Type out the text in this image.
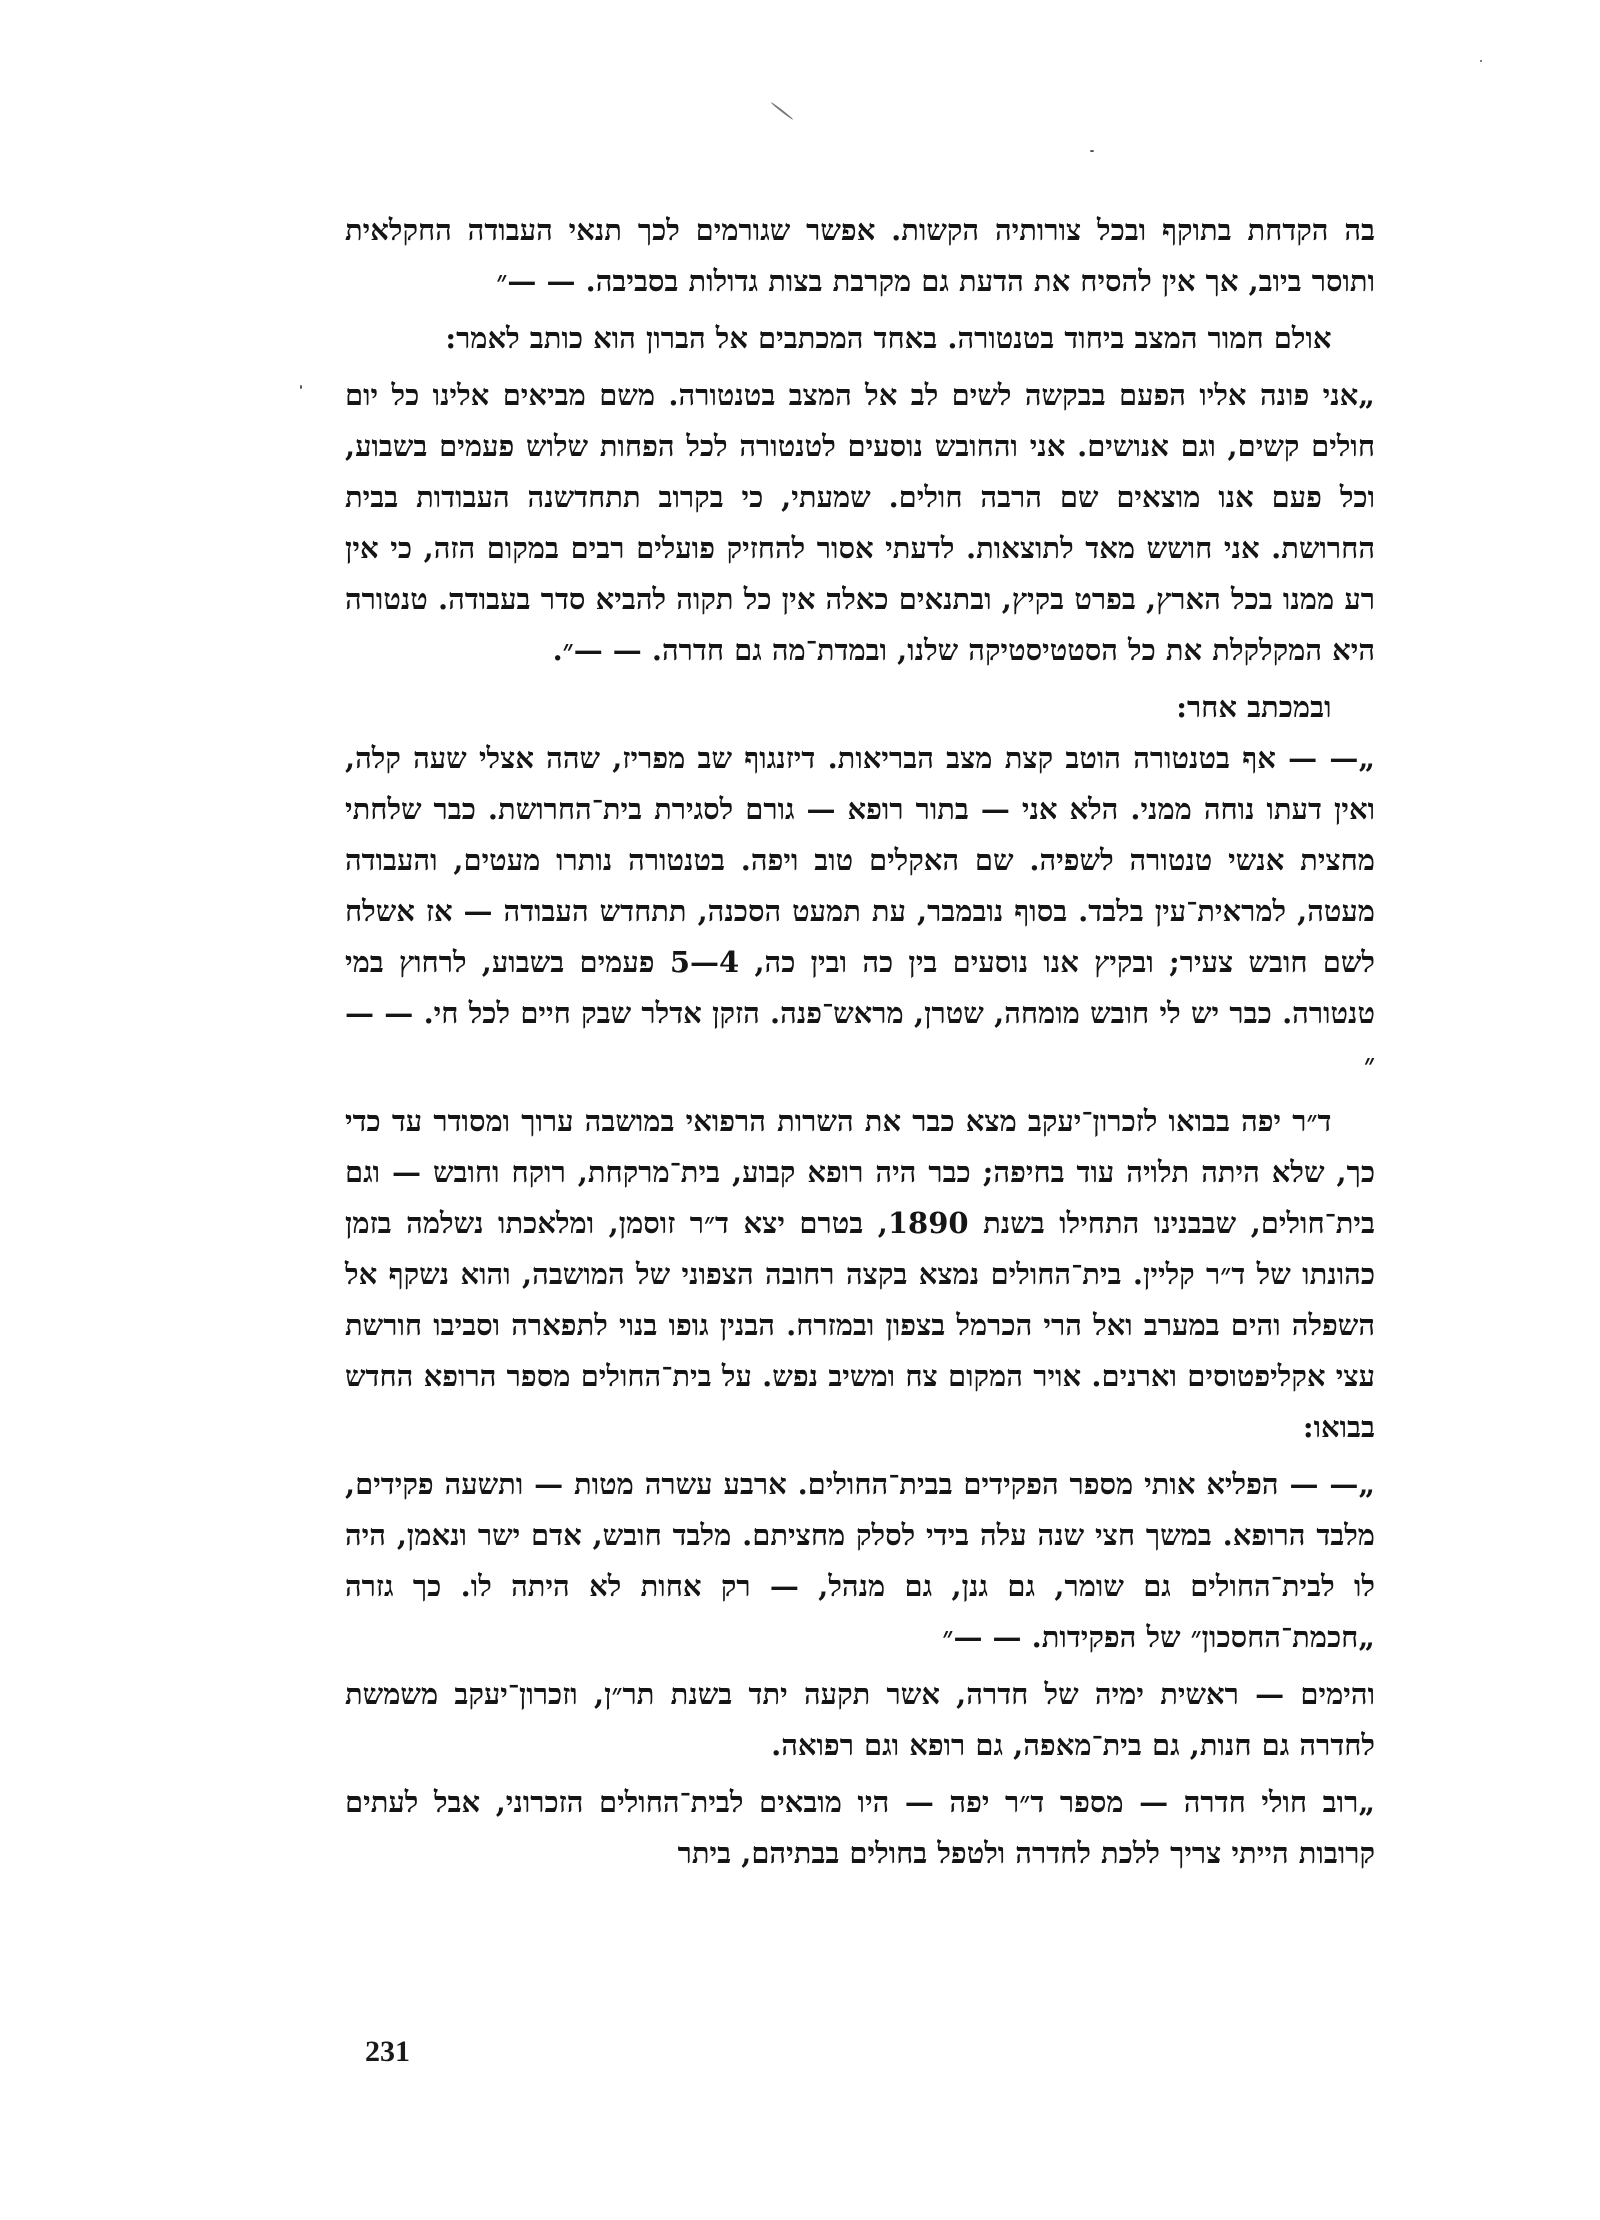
בה הקדחת בתוקף ובכל צורותיה הקשות. אפשר שגורמים לכך תנאי העבודה החקלאית ותוסר ביוב, אך אין להסיח את הדעת גם מקרבת בצות גדולות בסביבה. — —״

אולם חמור המצב ביחוד בטנטורה. באחד המכתבים אל הברון הוא כותב לאמר:

„אני פונה אליו הפעם בבקשה לשים לב אל המצב בטנטורה. משם מביאים אלינו כל יום חולים קשים, וגם אנושים. אני והחובש נוסעים לטנטורה לכל הפחות שלוש פעמים בשבוע, וכל פעם אנו מוצאים שם הרבה חולים. שמעתי, כי בקרוב תתחדשנה העבודות בבית החרושת. אני חושש מאד לתוצאות. לדעתי אסור להחזיק פועלים רבים במקום הזה, כי אין רע ממנו בכל הארץ, בפרט בקיץ, ובתנאים כאלה אין כל תקוה להביא סדר בעבודה. טנטורה היא המקלקלת את כל הסטטיסטיקה שלנו, ובמדת־מה גם חדרה. — —״.

ובמכתב אחר:

„— — אף בטנטורה הוטב קצת מצב הבריאות. דיזנגוף שב מפריז, שהה אצלי שעה קלה, ואין דעתו נוחה ממני. הלא אני — בתור רופא — גורם לסגירת בית־החרושת. כבר שלחתי מחצית אנשי טנטורה לשפיה. שם האקלים טוב ויפה. בטנטורה נותרו מעטים, והעבודה מעטה, למראית־עין בלבד. בסוף נובמבר, עת תמעט הסכנה, תתחדש העבודה — אז אשלח לשם חובש צעיר; ובקיץ אנו נוסעים בין כה ובין כה, 4—5 פעמים בשבוע, לרחוץ במי טנטורה. כבר יש לי חובש מומחה, שטרן, מראש־פנה. הזקן אדלר שבק חיים לכל חי. — —״

ד״ר יפה בבואו לזכרון־יעקב מצא כבר את השרות הרפואי במושבה ערוך ומסודר עד כדי כך, שלא היתה תלויה עוד בחיפה; כבר היה רופא קבוע, בית־מרקחת, רוקח וחובש — וגם בית־חולים, שבבנינו התחילו בשנת 1890, בטרם יצא ד״ר זוסמן, ומלאכתו נשלמה בזמן כהונתו של ד״ר קליין. בית־החולים נמצא בקצה רחובה הצפוני של המושבה, והוא נשקף אל השפלה והים במערב ואל הרי הכרמל בצפון ובמזרח. הבנין גופו בנוי לתפארה וסביבו חורשת עצי אקליפטוסים וארנים. אויר המקום צח ומשיב נפש. על בית־החולים מספר הרופא החדש בבואו:

„— — הפליא אותי מספר הפקידים בבית־החולים. ארבע עשרה מטות — ותשעה פקידים, מלבד הרופא. במשך חצי שנה עלה בידי לסלק מחציתם. מלבד חובש, אדם ישר ונאמן, היה לו לבית־החולים גם שומר, גם גנן, גם מנהל, — רק אחות לא היתה לו. כך גזרה „חכמת־החסכון״ של הפקידות. — —״

והימים — ראשית ימיה של חדרה, אשר תקעה יתד בשנת תר״ן, וזכרון־יעקב משמשת לחדרה גם חנות, גם בית־מאפה, גם רופא וגם רפואה.

„רוב חולי חדרה — מספר ד״ר יפה — היו מובאים לבית־החולים הזכרוני, אבל לעתים קרובות הייתי צריך ללכת לחדרה ולטפל בחולים בבתיהם, ביתר

231
